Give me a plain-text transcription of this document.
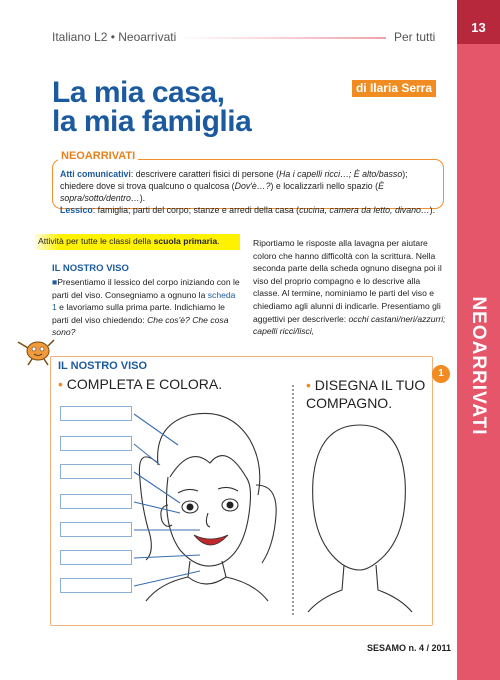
Italiano L2 • Neoarrivati	Per tutti
13
NEOARRIVATI
La mia casa,
la mia famiglia
di Ilaria Serra
NEOARRIVATI
Atti comunicativi: descrivere caratteri fisici di persone (Ha i capelli ricci…; È alto/basso); chiedere dove si trova qualcuno o qualcosa (Dov'è…?) e localizzarli nello spazio (È sopra/sotto/dentro…).
Lessico: famiglia; parti del corpo; stanze e arredi della casa (cucina, camera da letto, divano…).
Attività per tutte le classi della scuola primaria.
IL NOSTRO VISO
■Presentiamo il lessico del corpo iniziando con le parti del viso. Consegniamo a ognuno la scheda 1 e lavoriamo sulla prima parte. Indichiamo le parti del viso chiedendo: Che cos'è? Che cosa sono?
Riportiamo le risposte alla lavagna per aiutare coloro che hanno difficoltà con la scrittura. Nella seconda parte della scheda ognuno disegna poi il viso del proprio compagno e lo descrive alla classe. Al termine, nominiamo le parti del viso e chiediamo agli alunni di indicarle. Presentiamo gli aggettivi per descriverle: occhi castani/neri/azzurri; capelli ricci/lisci,
IL NOSTRO VISO
• COMPLETA E COLORA.	• DISEGNA IL TUO COMPAGNO.
1
SESAMO n. 4 / 2011
